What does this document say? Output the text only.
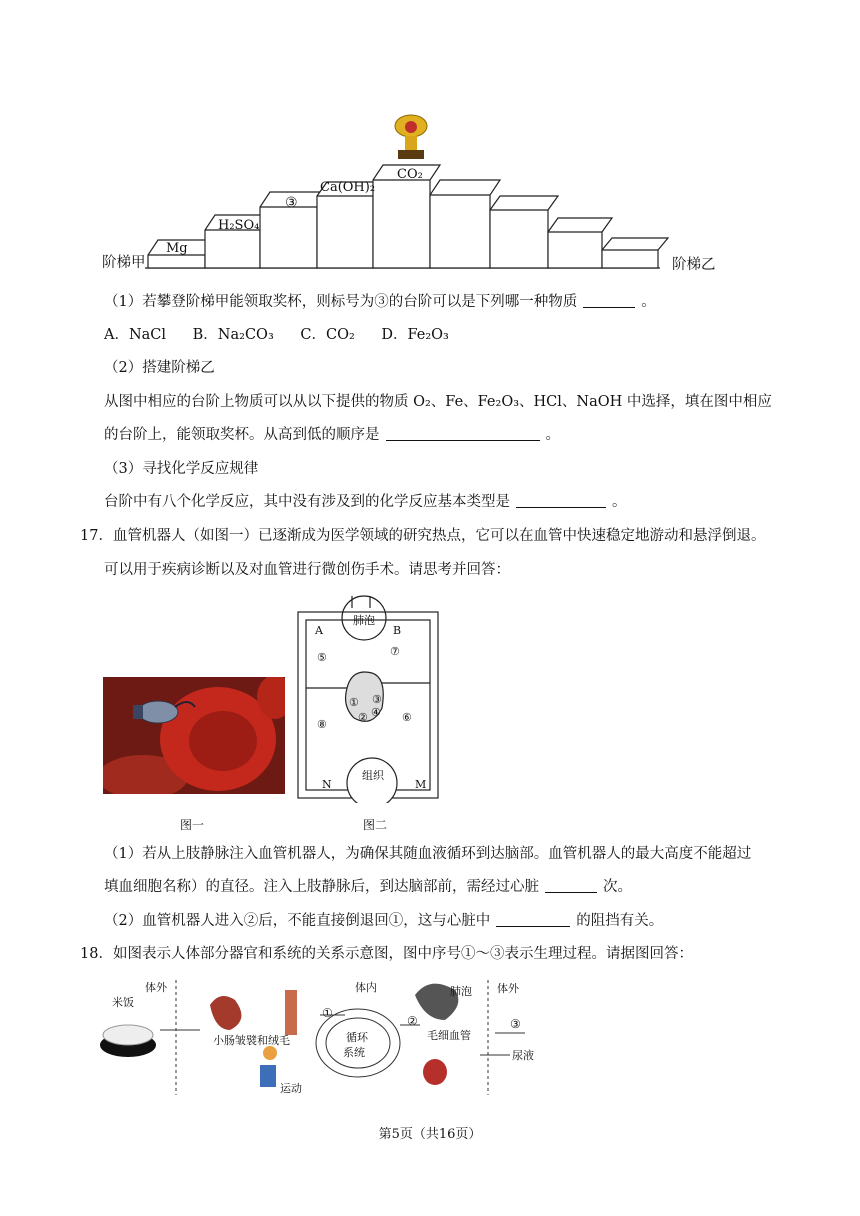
阶梯甲	阶梯乙
Mg
H₂SO₄
③
Ca(OH)₂
CO₂
（1）若攀登阶梯甲能领取奖杯，则标号为③的台阶可以是下列哪一种物质	。
A．NaCl B．Na₂CO₃ C．CO₂ D．Fe₂O₃
（2）搭建阶梯乙
从图中相应的台阶上物质可以从以下提供的物质 O₂、Fe、Fe₂O₃、HCl、NaOH 中选择，填在图中相应
的台阶上，能领取奖杯。从高到低的顺序是	。
（3）寻找化学反应规律
台阶中有八个化学反应，其中没有涉及到的化学反应基本类型是	。
17．血管机器人（如图一）已逐渐成为医学领域的研究热点，它可以在血管中快速稳定地游动和悬浮倒退。
可以用于疾病诊断以及对血管进行微创伤手术。请思考并回答：
图一
肺泡
A	B
⑤	⑦
① ③
② ④ ⑥
⑧
组织
N	M
图二
（1）若从上肢静脉注入血管机器人，为确保其随血液循环到达脑部。血管机器人的最大高度不能超过
填血细胞名称）的直径。注入上肢静脉后，到达脑部前，需经过心脏	次。
（2）血管机器人进入②后，不能直接倒退回①，这与心脏中	的阻挡有关。
18．如图表示人体部分器官和系统的关系示意图，图中序号①～③表示生理过程。请据图回答：
体外
米饭
小肠皱襞和绒毛
运动
体内
①
②	③
循环
系统
肺泡
毛细血管
体外
尿液
第5页（共16页）
